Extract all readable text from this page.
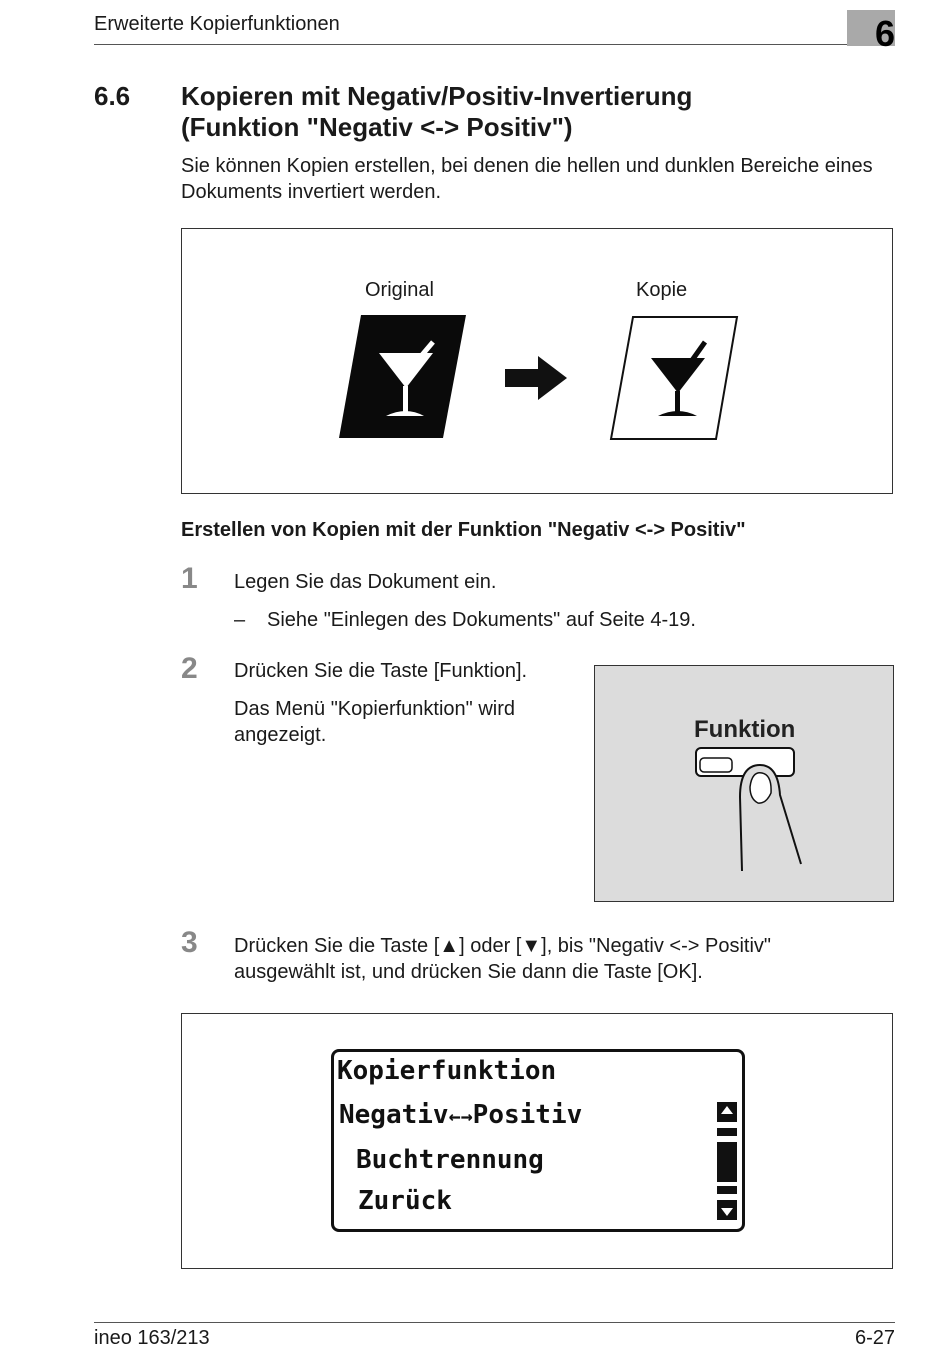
Erweiterte Kopierfunktionen	6
6.6 Kopieren mit Negativ/Positiv-Invertierung
(Funktion "Negativ <-> Positiv")
Sie können Kopien erstellen, bei denen die hellen und dunklen Bereiche eines Dokuments invertiert werden.
Original	Kopie
Erstellen von Kopien mit der Funktion "Negativ <-> Positiv"
1 Legen Sie das Dokument ein.
– Siehe "Einlegen des Dokuments" auf Seite 4-19.
2 Drücken Sie die Taste [Funktion].
Das Menü "Kopierfunktion" wird angezeigt.	Funktion
3 Drücken Sie die Taste [▲] oder [▼], bis "Negativ <-> Positiv" ausgewählt ist, und drücken Sie dann die Taste [OK].
Kopierfunktion
Negativ←→Positiv
Buchtrennung
Zurück
ineo 163/213	6-27
